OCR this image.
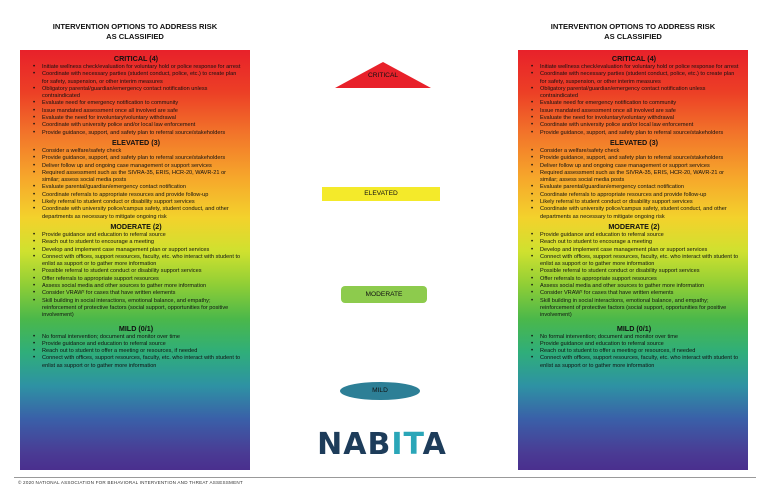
INTERVENTION OPTIONS TO ADDRESS RISK
AS CLASSIFIED
CRITICAL (4)
• Initiate wellness check/evaluation for voluntary hold or police response for arrest
• Coordinate with necessary parties (student conduct, police, etc.) to create plan for safety, suspension, or other interim measures
• Obligatory parental/guardian/emergency contact notification unless contraindicated
• Evaluate need for emergency notification to community
• Issue mandated assessment once all involved are safe
• Evaluate the need for involuntary/voluntary withdrawal
• Coordinate with university police and/or local law enforcement
• Provide guidance, support, and safety plan to referral source/stakeholders
ELEVATED (3)
• Consider a welfare/safety check
• Provide guidance, support, and safety plan to referral source/stakeholders
• Deliver follow up and ongoing case management or support services
• Required assessment such as the SIVRA-35, ERIS, HCR-20, WAVR-21 or similar; assess social media posts
• Evaluate parental/guardian/emergency contact notification
• Coordinate referrals to appropriate resources and provide follow-up
• Likely referral to student conduct or disability support services
• Coordinate with university police/campus safety, student conduct, and other departments as necessary to mitigate ongoing risk
MODERATE (2)
• Provide guidance and education to referral source
• Reach out to student to encourage a meeting
• Develop and implement case management plan or support services
• Connect with offices, support resources, faculty, etc. who interact with student to enlist as support or to gather more information
• Possible referral to student conduct or disability support services
• Offer referrals to appropriate support resources
• Assess social media and other sources to gather more information
• Consider VRAW² for cases that have written elements
• Skill building in social interactions, emotional balance, and empathy; reinforcement of protective factors (social support, opportunities for positive involvement)
MILD (0/1)
• No formal intervention; document and monitor over time
• Provide guidance and education to referral source
• Reach out to student to offer a meeting or resources, if needed
• Connect with offices, support resources, faculty, etc. who interact with student to enlist as support or to gather more information
CRITICAL
ELEVATED
MODERATE
MILD
NABITA
INTERVENTION OPTIONS TO ADDRESS RISK
AS CLASSIFIED
CRITICAL (4)
• Initiate wellness check/evaluation for voluntary hold or police response for arrest
• Coordinate with necessary parties (student conduct, police, etc.) to create plan for safety, suspension, or other interim measures
• Obligatory parental/guardian/emergency contact notification unless contraindicated
• Evaluate need for emergency notification to community
• Issue mandated assessment once all involved are safe
• Evaluate the need for involuntary/voluntary withdrawal
• Coordinate with university police and/or local law enforcement
• Provide guidance, support, and safety plan to referral source/stakeholders
ELEVATED (3)
• Consider a welfare/safety check
• Provide guidance, support, and safety plan to referral source/stakeholders
• Deliver follow up and ongoing case management or support services
• Required assessment such as the SIVRA-35, ERIS, HCR-20, WAVR-21 or similar; assess social media posts
• Evaluate parental/guardian/emergency contact notification
• Coordinate referrals to appropriate resources and provide follow-up
• Likely referral to student conduct or disability support services
• Coordinate with university police/campus safety, student conduct, and other departments as necessary to mitigate ongoing risk
MODERATE (2)
• Provide guidance and education to referral source
• Reach out to student to encourage a meeting
• Develop and implement case management plan or support services
• Connect with offices, support resources, faculty, etc. who interact with student to enlist as support or to gather more information
• Possible referral to student conduct or disability support services
• Offer referrals to appropriate support resources
• Assess social media and other sources to gather more information
• Consider VRAW² for cases that have written elements
• Skill building in social interactions, emotional balance, and empathy; reinforcement of protective factors (social support, opportunities for positive involvement)
MILD (0/1)
• No formal intervention; document and monitor over time
• Provide guidance and education to referral source
• Reach out to student to offer a meeting or resources, if needed
• Connect with offices, support resources, faculty, etc. who interact with student to enlist as support or to gather more information
© 2020 NATIONAL ASSOCIATION FOR BEHAVIORAL INTERVENTION AND THREAT ASSESSMENT
